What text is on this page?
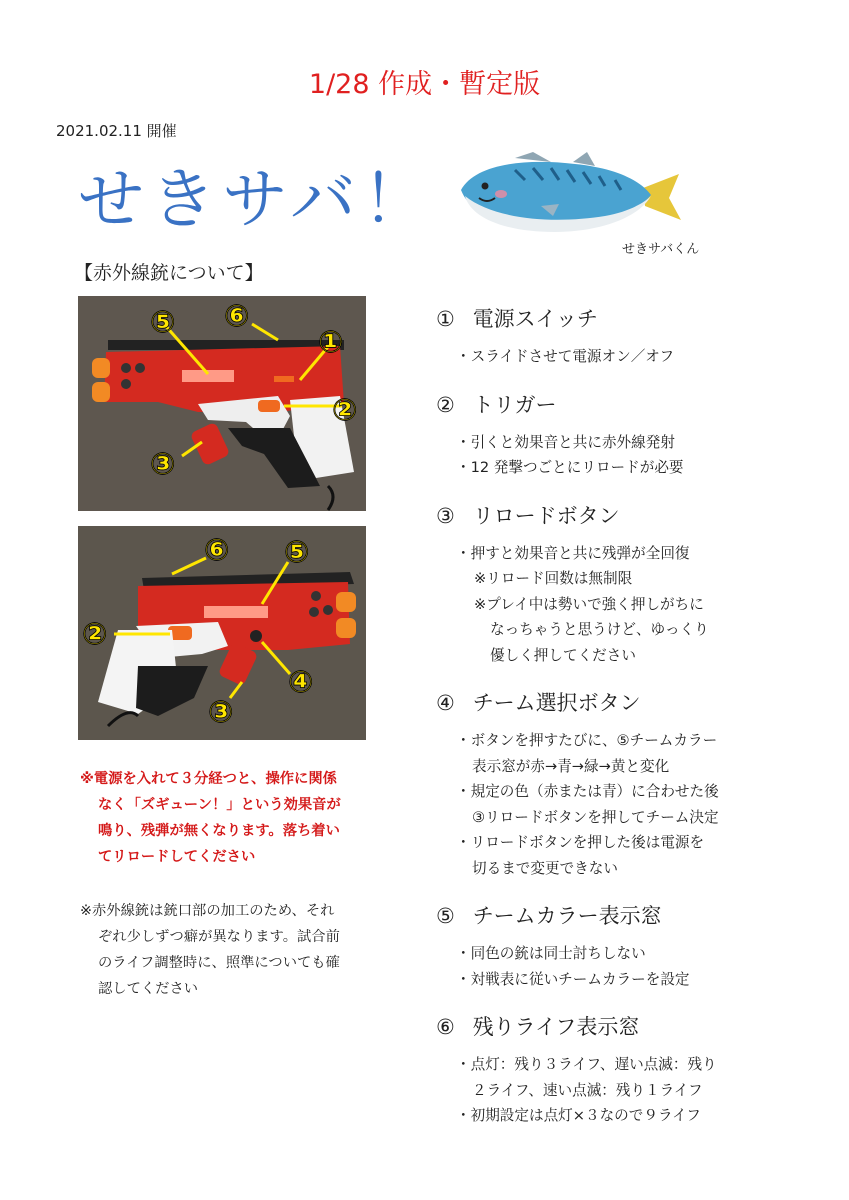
1/28 作成・暫定版
2021.02.11 開催
せきサバ！
せきサバくん
【赤外線銃について】
⑤ ⑥
①
②
③
⑥ ⑤
②
④
③
※電源を入れて３分経つと、操作に関係
なく「ズギューン！」という効果音が
鳴り、残弾が無くなります。落ち着い
てリロードしてください
※赤外線銃は銃口部の加工のため、それ
ぞれ少しずつ癖が異なります。試合前
のライフ調整時に、照準についても確
認してください
① 電源スイッチ
・スライドさせて電源オン／オフ
② トリガー
・引くと効果音と共に赤外線発射
・12 発撃つごとにリロードが必要
③ リロードボタン
・押すと効果音と共に残弾が全回復
※リロード回数は無制限
※プレイ中は勢いで強く押しがちに
なっちゃうと思うけど、ゆっくり
優しく押してください
④ チーム選択ボタン
・ボタンを押すたびに、⑤チームカラー
表示窓が赤→青→緑→黄と変化
・規定の色（赤または青）に合わせた後
③リロードボタンを押してチーム決定
・リロードボタンを押した後は電源を
切るまで変更できない
⑤ チームカラー表示窓
・同色の銃は同士討ちしない
・対戦表に従いチームカラーを設定
⑥ 残りライフ表示窓
・点灯：残り３ライフ、遅い点滅：残り
２ライフ、速い点滅：残り１ライフ
・初期設定は点灯×３なので９ライフ
